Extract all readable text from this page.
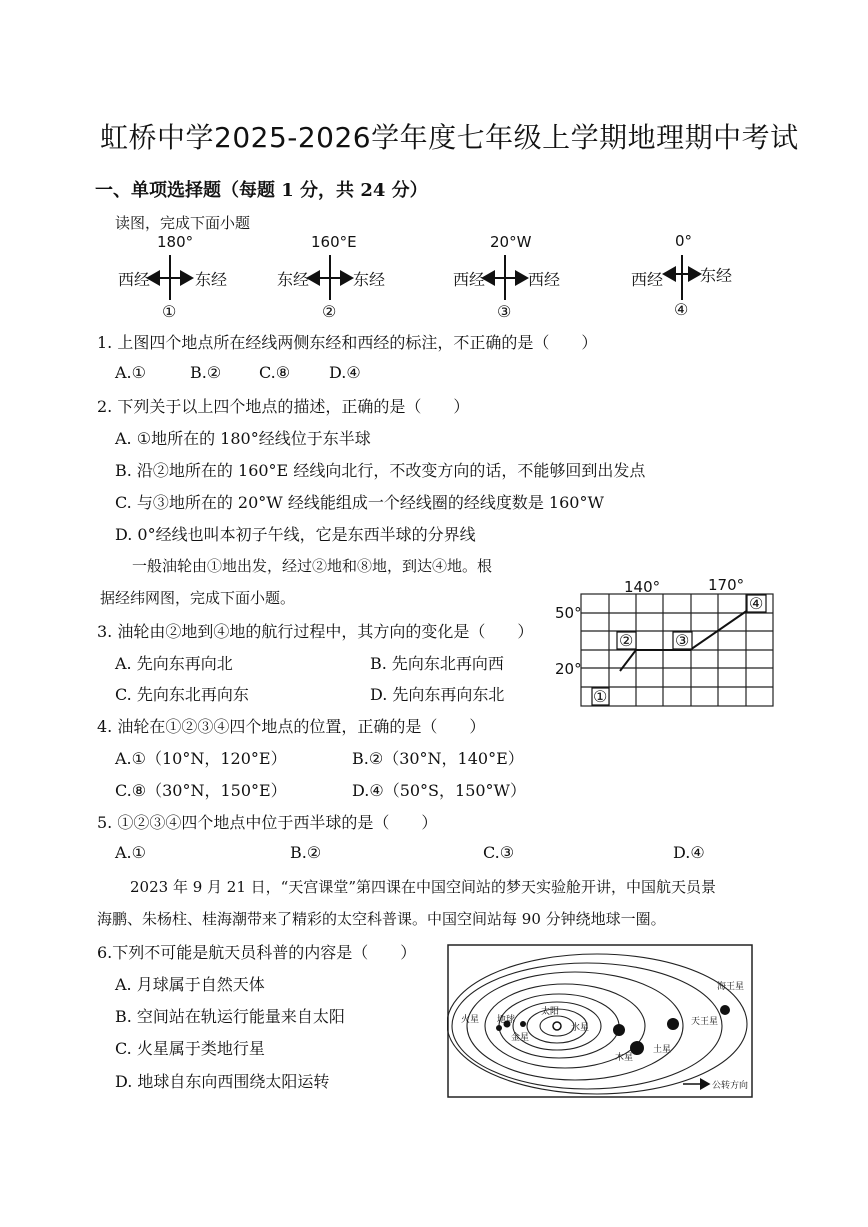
虹桥中学2025-2026学年度七年级上学期地理期中考试
一、单项选择题（每题 1 分，共 24 分）
读图，完成下面小题
180°	160°E	20°W	0°
西经	东经	东经	东经	西经	西经	西经 东经
①	②	③	④
1. 上图四个地点所在经线两侧东经和西经的标注，不正确的是（　　）
A.①	B.② C.⑧ D.④
2. 下列关于以上四个地点的描述，正确的是（　　）
A. ①地所在的 180°经线位于东半球
B. 沿②地所在的 160°E 经线向北行，不改变方向的话，不能够回到出发点
C. 与③地所在的 20°W 经线能组成一个经线圈的经线度数是 160°W
D. 0°经线也叫本初子午线，它是东西半球的分界线
一般油轮由①地出发，经过②地和⑧地，到达④地。根
据经纬网图，完成下面小题。
140°	170°
50°
20°
①
②	③
④
3. 油轮由②地到④地的航行过程中，其方向的变化是（　　）
A. 先向东再向北	B. 先向东北再向西
C. 先向东北再向东	D. 先向东再向东北
4. 油轮在①②③④四个地点的位置，正确的是（　　）
A.①（10°N，120°E）	B.②（30°N，140°E）
C.⑧（30°N，150°E）	D.④（50°S，150°W）
5. ①②③④四个地点中位于西半球的是（　　）
A.①	B.②	C.③	D.④
2023 年 9 月 21 日，“天宫课堂”第四课在中国空间站的梦天实验舱开讲，中国航天员景
海鹏、朱杨柱、桂海潮带来了精彩的太空科普课。中国空间站每 90 分钟绕地球一圈。
6.下列不可能是航天员科普的内容是（　　）
A. 月球属于自然天体
B. 空间站在轨运行能量来自太阳
C. 火星属于类地行星
D. 地球自东向西围绕太阳运转
海王星
天王星
土星
木星
火星 地球
金星
水星
太阳
公转方向
